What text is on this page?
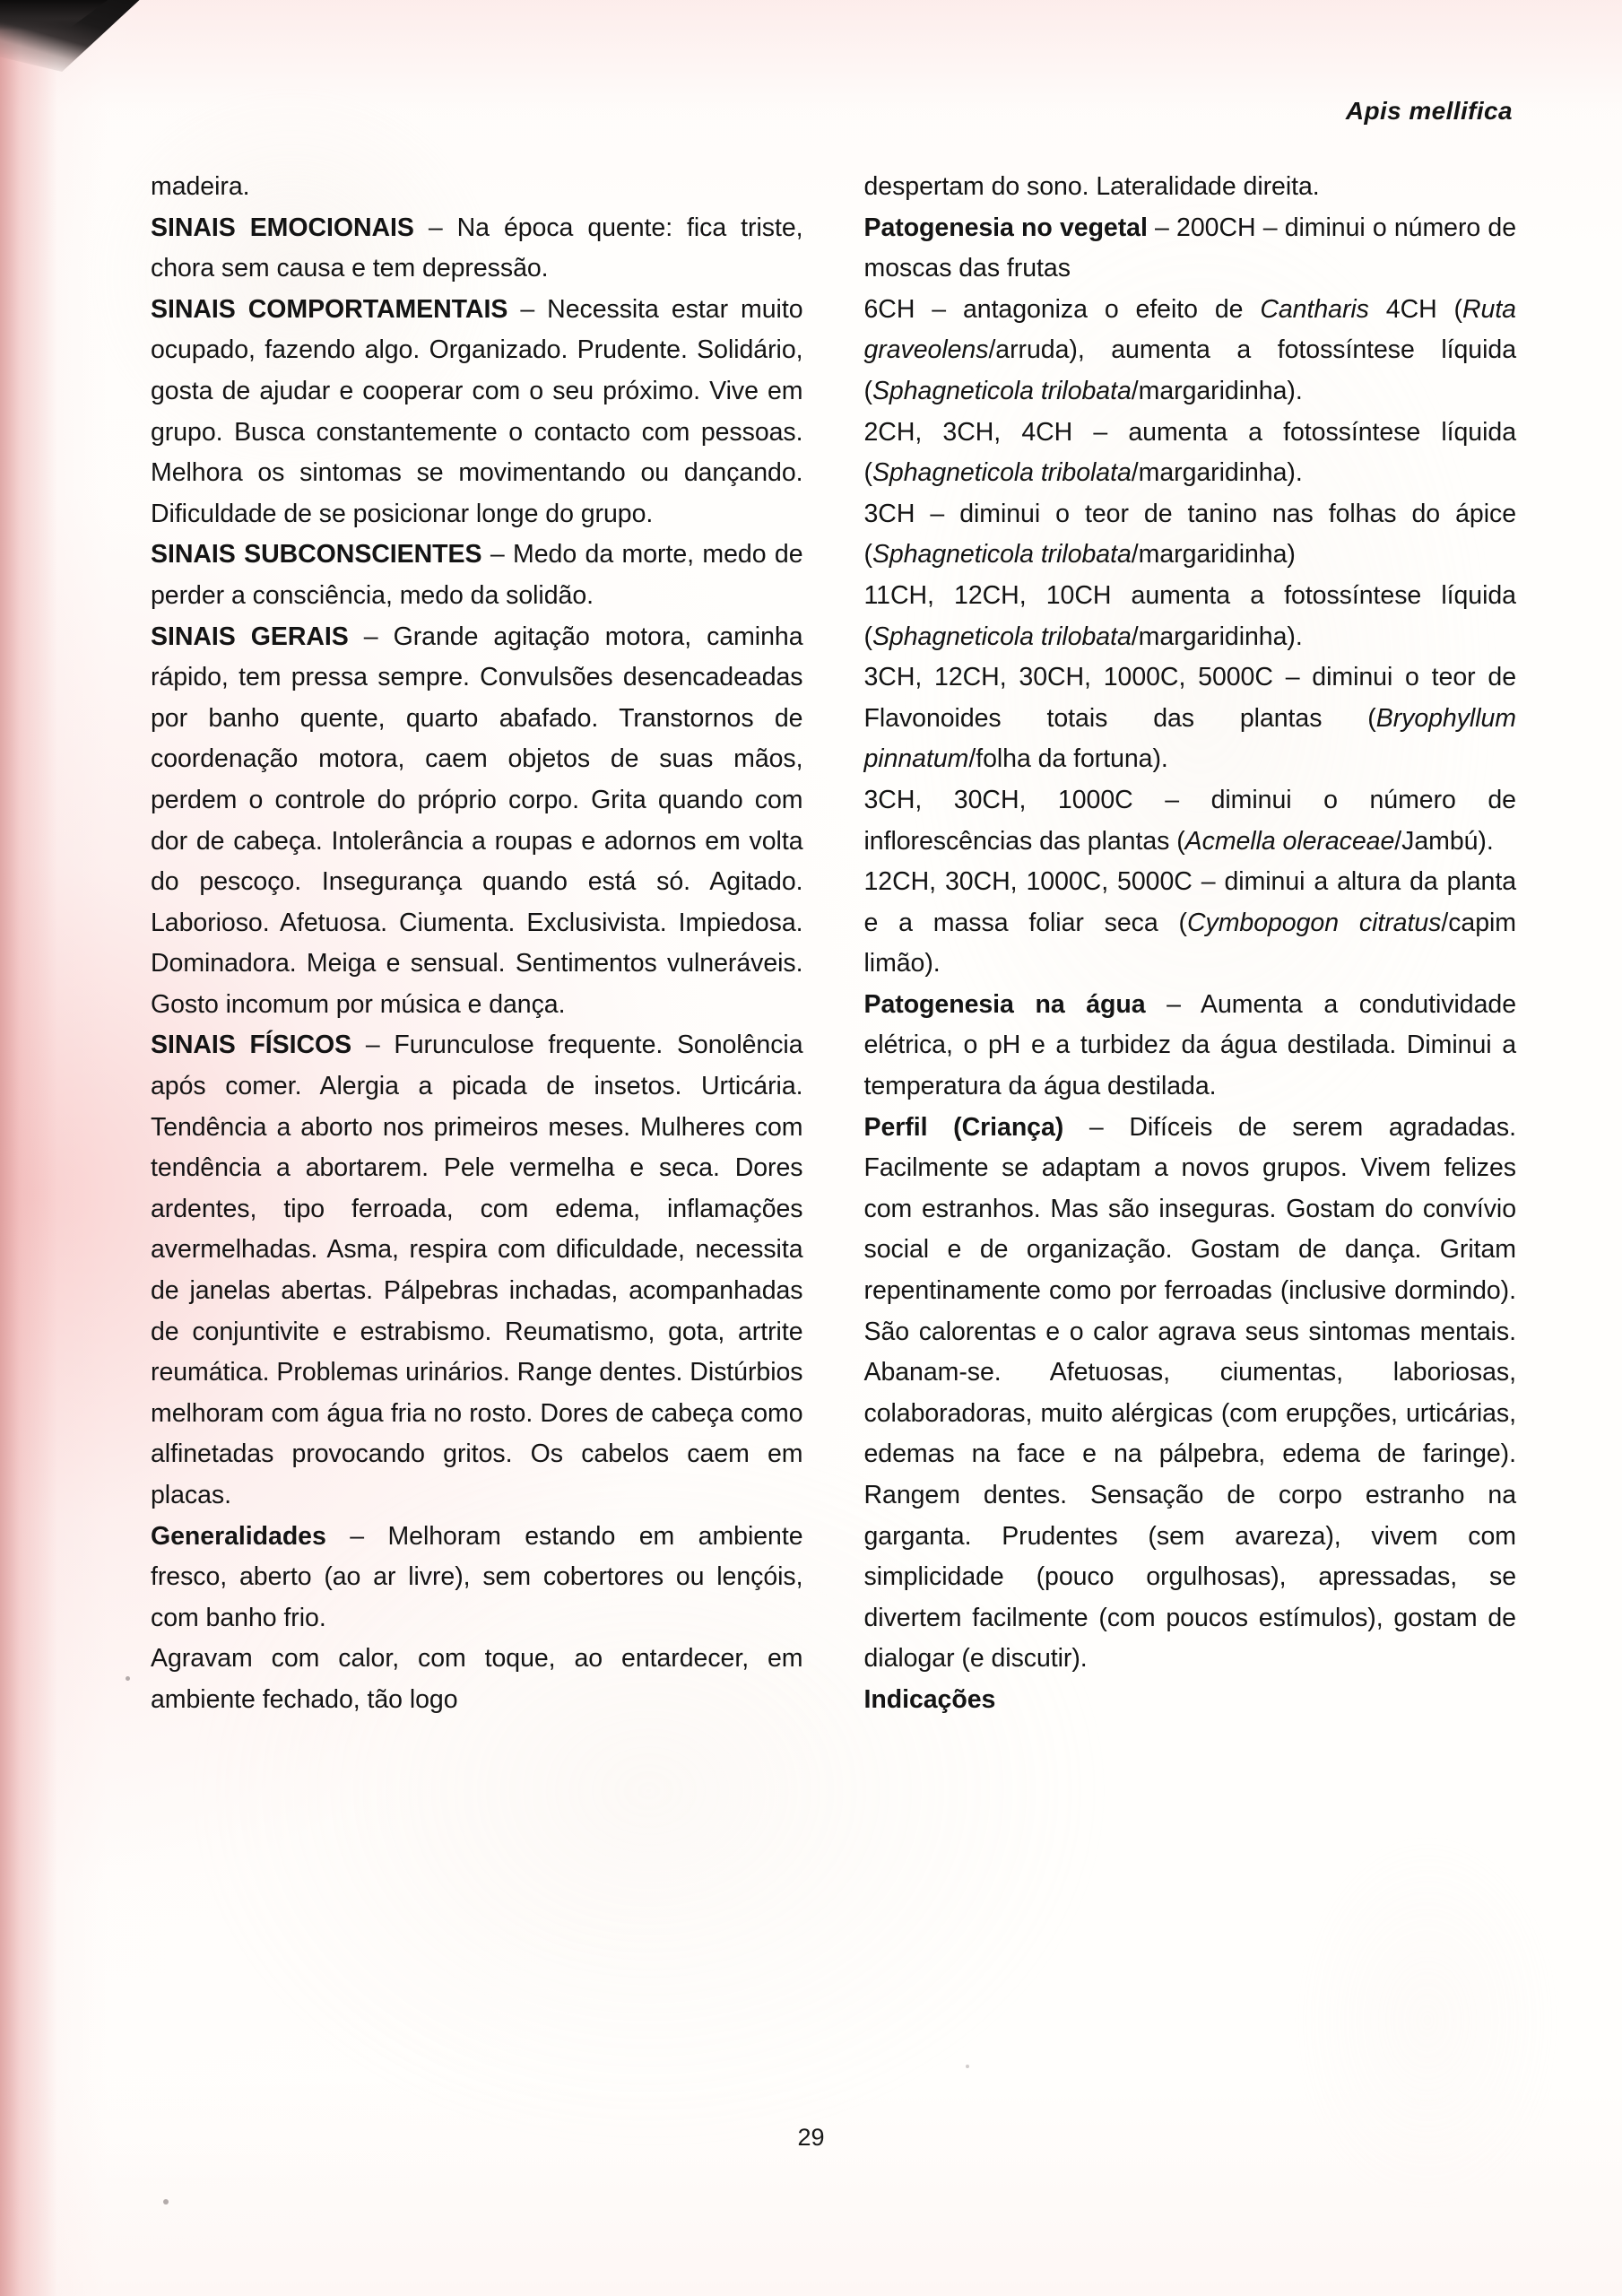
Apis mellifica

madeira.

SINAIS EMOCIONAIS – Na época quente: fica triste, chora sem causa e tem depressão.

SINAIS COMPORTAMENTAIS – Necessita estar muito ocupado, fazendo algo. Organizado. Prudente. Solidário, gosta de ajudar e cooperar com o seu próximo. Vive em grupo. Busca constantemente o contacto com pessoas. Melhora os sintomas se movimentando ou dançando. Dificuldade de se posicionar longe do grupo.

SINAIS SUBCONSCIENTES – Medo da morte, medo de perder a consciência, medo da solidão.

SINAIS GERAIS – Grande agitação motora, caminha rápido, tem pressa sempre. Convulsões desencadeadas por banho quente, quarto abafado. Transtornos de coordenação motora, caem objetos de suas mãos, perdem o controle do próprio corpo. Grita quando com dor de cabeça. Intolerância a roupas e adornos em volta do pescoço. Insegurança quando está só. Agitado. Laborioso. Afetuosa. Ciumenta. Exclusivista. Impiedosa. Dominadora. Meiga e sensual. Sentimentos vulneráveis. Gosto incomum por música e dança.

SINAIS FÍSICOS – Furunculose frequente. Sonolência após comer. Alergia a picada de insetos. Urticária. Tendência a aborto nos primeiros meses. Mulheres com tendência a abortarem. Pele vermelha e seca. Dores ardentes, tipo ferroada, com edema, inflamações avermelhadas. Asma, respira com dificuldade, necessita de janelas abertas. Pálpebras inchadas, acompanhadas de conjuntivite e estrabismo. Reumatismo, gota, artrite reumática. Problemas urinários. Range dentes. Distúrbios melhoram com água fria no rosto. Dores de cabeça como alfinetadas provocando gritos. Os cabelos caem em placas.

Generalidades – Melhoram estando em ambiente fresco, aberto (ao ar livre), sem cobertores ou lençóis, com banho frio.

Agravam com calor, com toque, ao entardecer, em ambiente fechado, tão logo

despertam do sono. Lateralidade direita.

Patogenesia no vegetal – 200CH – diminui o número de moscas das frutas

6CH – antagoniza o efeito de Cantharis 4CH (Ruta graveolens/arruda), aumenta a fotossíntese líquida (Sphagneticola trilobata/margaridinha).

2CH, 3CH, 4CH – aumenta a fotossíntese líquida (Sphagneticola tribolata/margaridinha).

3CH – diminui o teor de tanino nas folhas do ápice (Sphagneticola trilobata/margaridinha)

11CH, 12CH, 10CH aumenta a fotossíntese líquida (Sphagneticola trilobata/margaridinha).

3CH, 12CH, 30CH, 1000C, 5000C – diminui o teor de Flavonoides totais das plantas (Bryophyllum pinnatum/folha da fortuna).

3CH, 30CH, 1000C – diminui o número de inflorescências das plantas (Acmella oleraceae/Jambú).

12CH, 30CH, 1000C, 5000C – diminui a altura da planta e a massa foliar seca (Cymbopogon citratus/capim limão).

Patogenesia na água – Aumenta a condutividade elétrica, o pH e a turbidez da água destilada. Diminui a temperatura da água destilada.

Perfil (Criança) – Difíceis de serem agradadas. Facilmente se adaptam a novos grupos. Vivem felizes com estranhos. Mas são inseguras. Gostam do convívio social e de organização. Gostam de dança. Gritam repentinamente como por ferroadas (inclusive dormindo). São calorentas e o calor agrava seus sintomas mentais. Abanam-se. Afetuosas, ciumentas, laboriosas, colaboradoras, muito alérgicas (com erupções, urticárias, edemas na face e na pálpebra, edema de faringe). Rangem dentes. Sensação de corpo estranho na garganta. Prudentes (sem avareza), vivem com simplicidade (pouco orgulhosas), apressadas, se divertem facilmente (com poucos estímulos), gostam de dialogar (e discutir).

Indicações

29
